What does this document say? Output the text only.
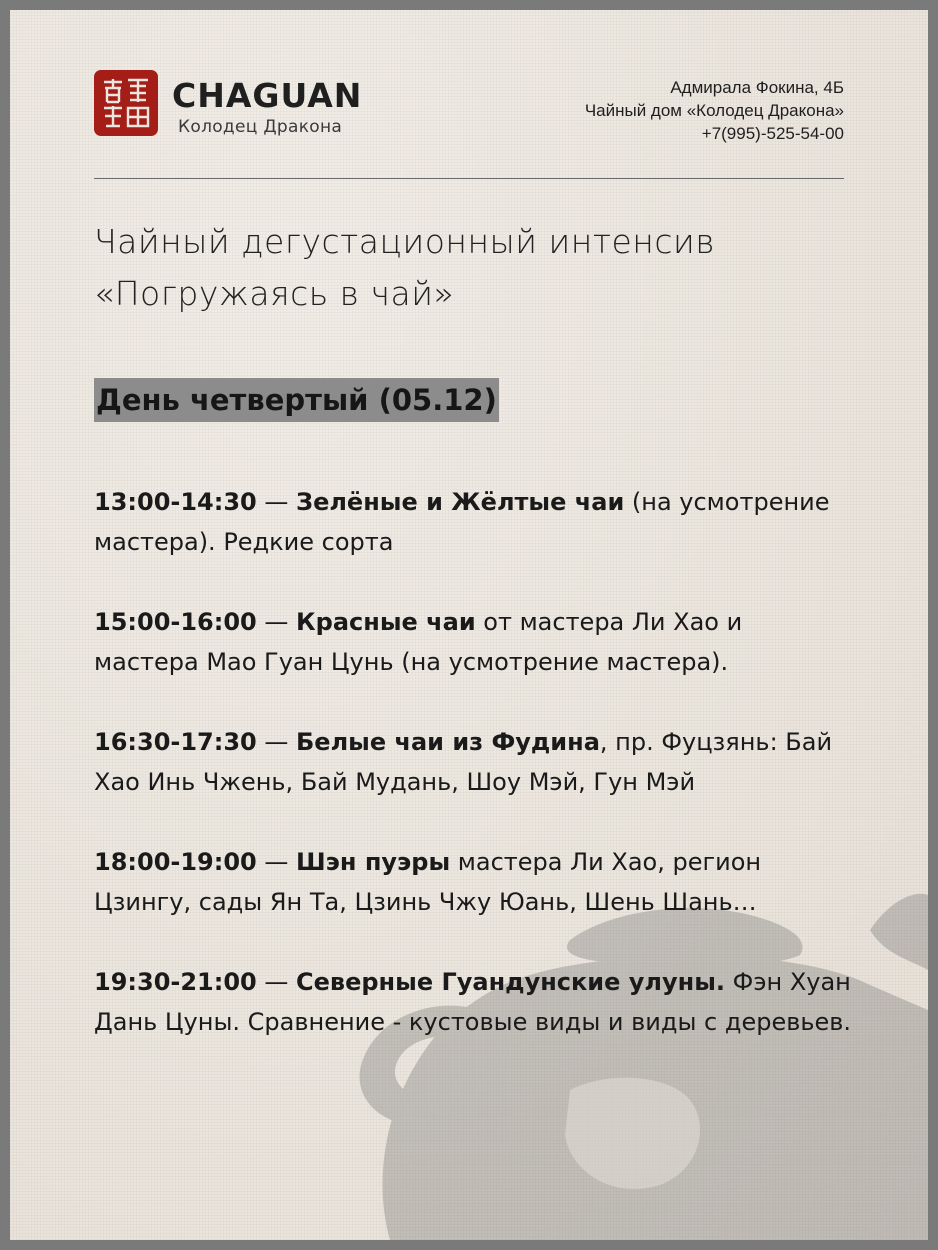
CHAGUAN
Колодец Дракона
Адмирала Фокина, 4Б
Чайный дом «Колодец Дракона»
+7(995)-525-54-00
Чайный дегустационный интенсив
«Погружаясь в чай»
День четвертый (05.12)
13:00-14:30 — Зелёные и Жёлтые чаи (на усмотрение мастера). Редкие сорта
15:00-16:00 — Красные чаи от мастера Ли Хао и мастера Мао Гуан Цунь (на усмотрение мастера).
16:30-17:30 — Белые чаи из Фудина, пр. Фуцзянь: Бай Хао Инь Чжень, Бай Мудань, Шоу Мэй, Гун Мэй
18:00-19:00 — Шэн пуэры мастера Ли Хао, регион Цзингу, сады Ян Та, Цзинь Чжу Юань, Шень Шань…
19:30-21:00 — Северные Гуандунские улуны. Фэн Хуан Дань Цуны. Сравнение - кустовые виды и виды с деревьев.
